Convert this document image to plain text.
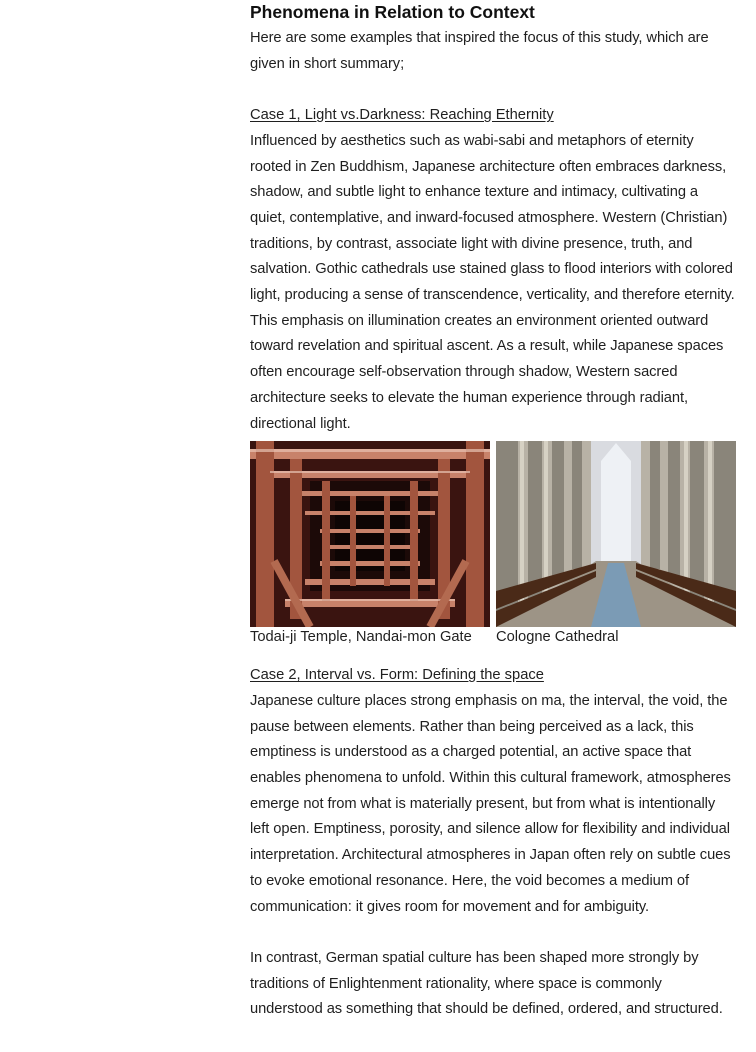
Phenomena in Relation to Context

Here are some examples that inspired the focus of this study, which are given in short summary;

Case 1, Light vs.Darkness: Reaching Ethernity

Influenced by aesthetics such as wabi-sabi and metaphors of eternity rooted in Zen Buddhism, Japanese architecture often embraces darkness, shadow, and subtle light to enhance texture and intimacy, cultivating a quiet, contemplative, and inward-focused atmosphere. Western (Christian) traditions, by contrast, associate light with divine presence, truth, and salvation. Gothic cathedrals use stained glass to flood interiors with colored light, producing a sense of transcendence, verticality, and therefore eternity. This emphasis on illumination creates an environment oriented outward toward revelation and spiritual ascent. As a result, while Japanese spaces often encourage self-observation through shadow, Western sacred architecture seeks to elevate the human experience through radiant, directional light.

Todai-ji Temple, Nandai-mon Gate Cologne Cathedral
Case 2, Interval vs. Form: Defining the space

Japanese culture places strong emphasis on ma, the interval, the void, the pause between elements. Rather than being perceived as a lack, this emptiness is understood as a charged potential, an active space that enables phenomena to unfold. Within this cultural framework, atmospheres emerge not from what is materially present, but from what is intentionally left open. Emptiness, porosity, and silence allow for flexibility and individual interpretation. Architectural atmospheres in Japan often rely on subtle cues to evoke emotional resonance. Here, the void becomes a medium of communication: it gives room for movement and for ambiguity.

In contrast, German spatial culture has been shaped more strongly by traditions of Enlightenment rationality, where space is commonly understood as something that should be defined, ordered, and structured.
